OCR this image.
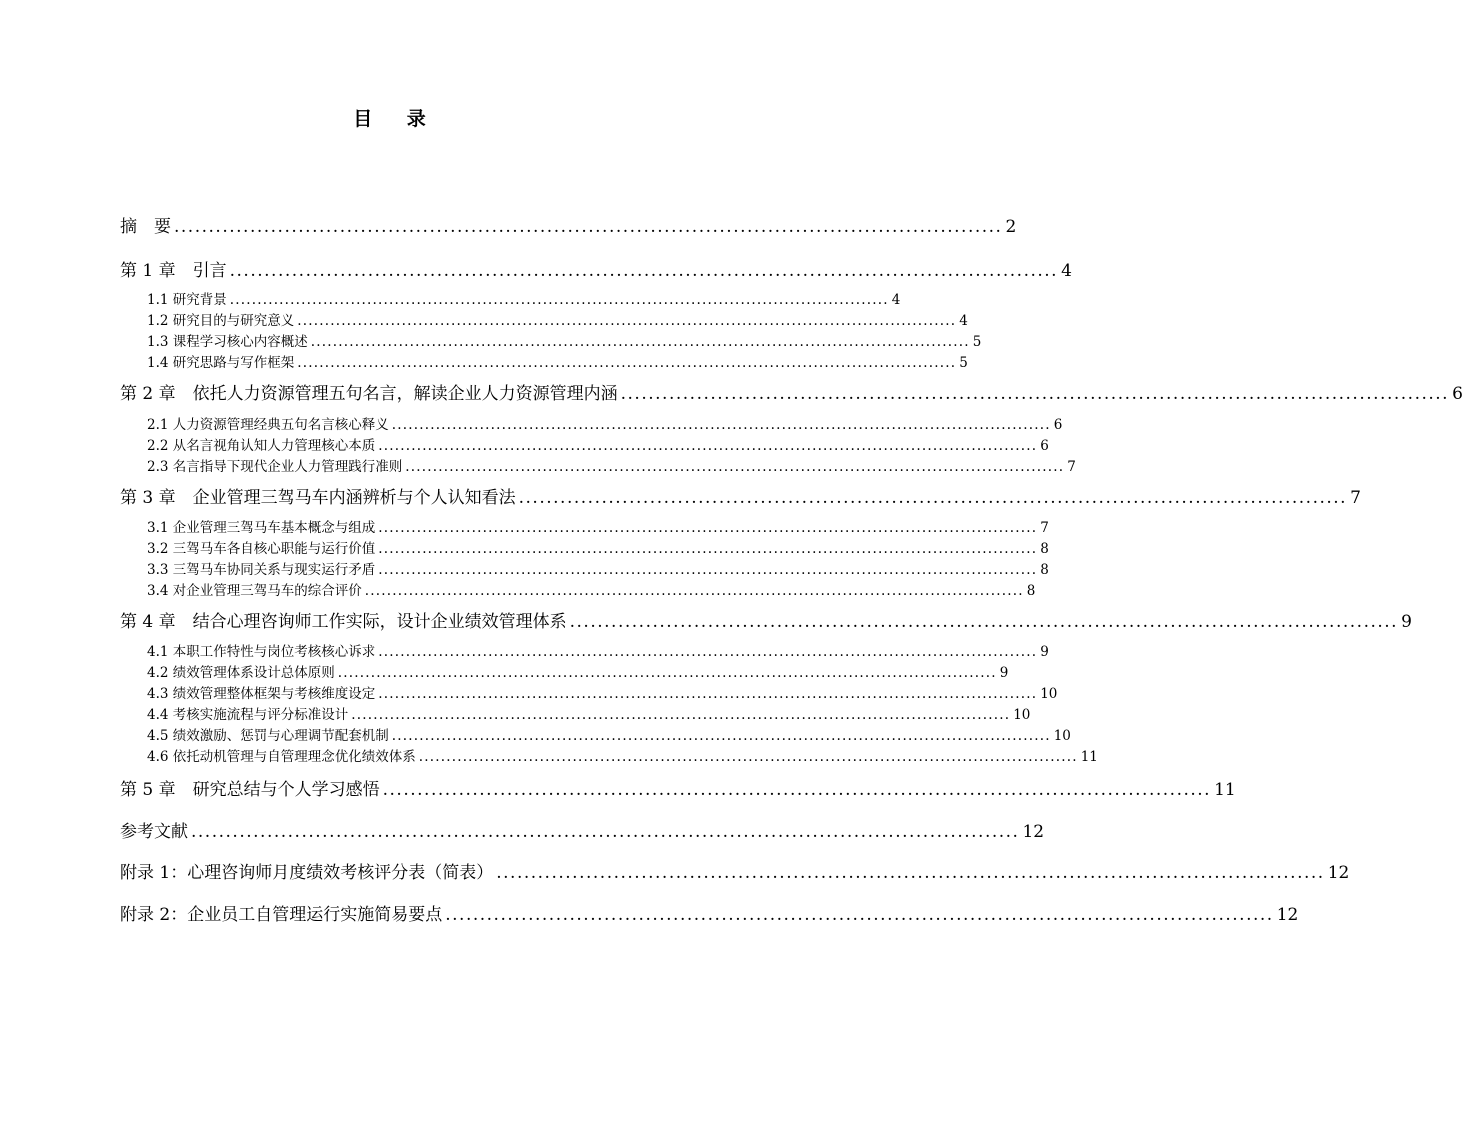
目 录
摘　要 ........................................................................................................................ 2
第 1 章　引言 ........................................................................................................................ 4
1.1 研究背景 ........................................................................................................................ 4
1.2 研究目的与研究意义 ........................................................................................................................ 4
1.3 课程学习核心内容概述 ........................................................................................................................ 5
1.4 研究思路与写作框架 ........................................................................................................................ 5
第 2 章　依托人力资源管理五句名言，解读企业人力资源管理内涵 ........................................................................................................................ 6
2.1 人力资源管理经典五句名言核心释义 ........................................................................................................................ 6
2.2 从名言视角认知人力管理核心本质 ........................................................................................................................ 6
2.3 名言指导下现代企业人力管理践行准则 ........................................................................................................................ 7
第 3 章　企业管理三驾马车内涵辨析与个人认知看法 ........................................................................................................................ 7
3.1 企业管理三驾马车基本概念与组成 ........................................................................................................................ 7
3.2 三驾马车各自核心职能与运行价值 ........................................................................................................................ 8
3.3 三驾马车协同关系与现实运行矛盾 ........................................................................................................................ 8
3.4 对企业管理三驾马车的综合评价 ........................................................................................................................ 8
第 4 章　结合心理咨询师工作实际，设计企业绩效管理体系 ........................................................................................................................ 9
4.1 本职工作特性与岗位考核核心诉求 ........................................................................................................................ 9
4.2 绩效管理体系设计总体原则 ........................................................................................................................ 9
4.3 绩效管理整体框架与考核维度设定 ........................................................................................................................ 10
4.4 考核实施流程与评分标准设计 ........................................................................................................................ 10
4.5 绩效激励、惩罚与心理调节配套机制 ........................................................................................................................ 10
4.6 依托动机管理与自管理理念优化绩效体系 ........................................................................................................................ 11
第 5 章　研究总结与个人学习感悟 ........................................................................................................................ 11
参考文献 ........................................................................................................................ 12
附录 1：心理咨询师月度绩效考核评分表（简表） ........................................................................................................................ 12
附录 2：企业员工自管理运行实施简易要点 ........................................................................................................................ 12
